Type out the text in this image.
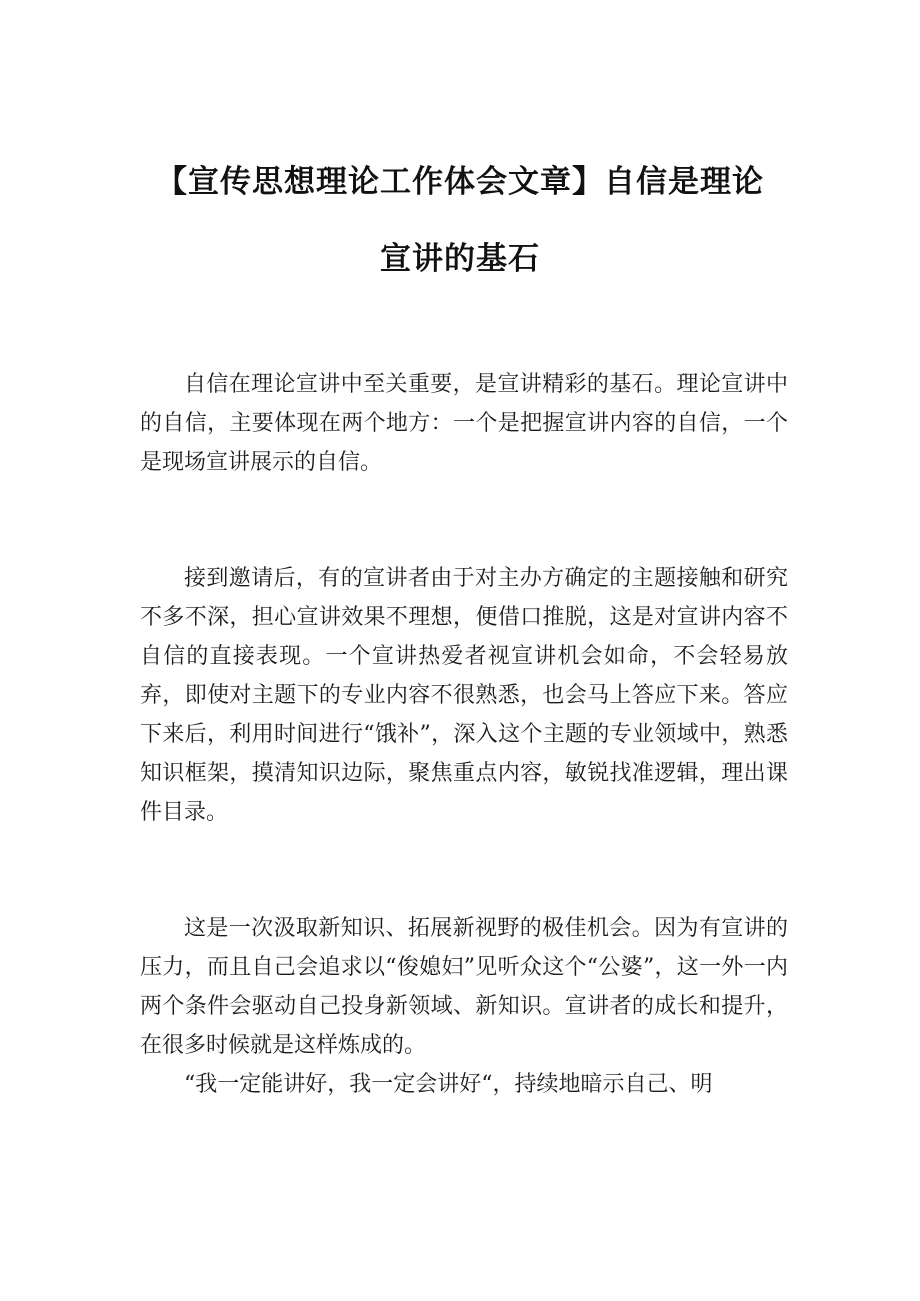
【宣传思想理论工作体会文章】自信是理论
宣讲的基石

自信在理论宣讲中至关重要，是宣讲精彩的基石。理论宣讲中的自信，主要体现在两个地方：一个是把握宣讲内容的自信，一个是现场宣讲展示的自信。

接到邀请后，有的宣讲者由于对主办方确定的主题接触和研究不多不深，担心宣讲效果不理想，便借口推脱，这是对宣讲内容不自信的直接表现。一个宣讲热爱者视宣讲机会如命，不会轻易放弃，即使对主题下的专业内容不很熟悉，也会马上答应下来。答应下来后，利用时间进行“饿补”，深入这个主题的专业领域中，熟悉知识框架，摸清知识边际，聚焦重点内容，敏锐找准逻辑，理出课件目录。

这是一次汲取新知识、拓展新视野的极佳机会。因为有宣讲的压力，而且自己会追求以“俊媳妇”见听众这个“公婆”，这一外一内两个条件会驱动自己投身新领域、新知识。宣讲者的成长和提升，在很多时候就是这样炼成的。

“我一定能讲好，我一定会讲好“，持续地暗示自己、明
